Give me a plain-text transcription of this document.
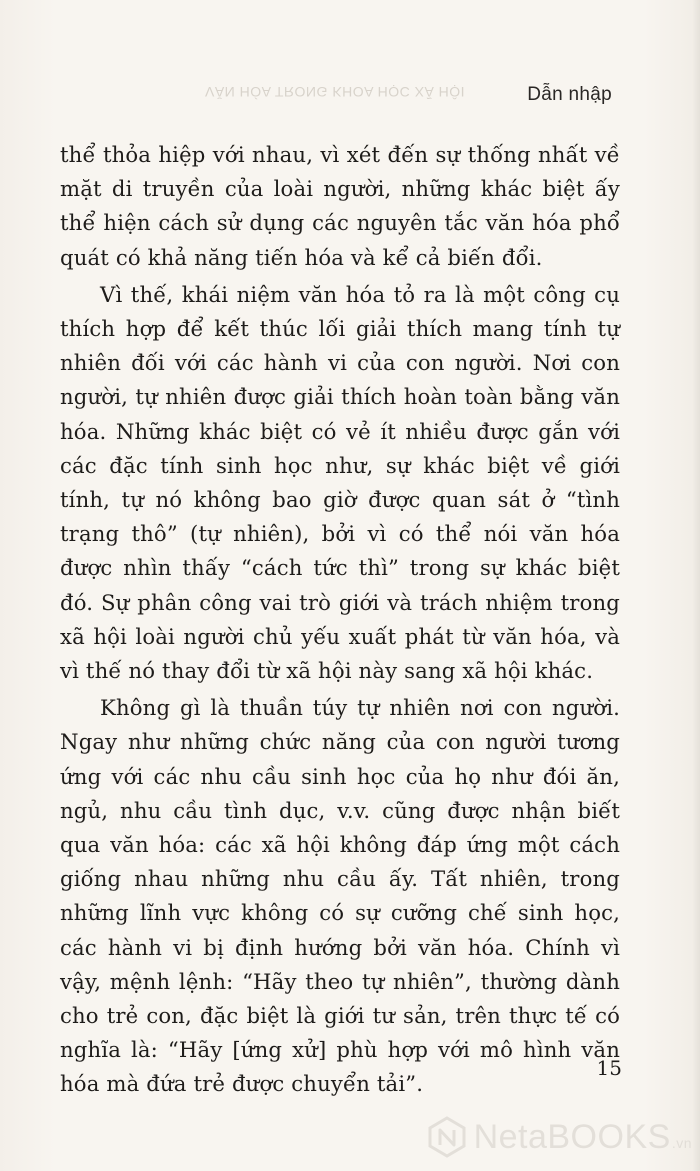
VĂN HÓA TRONG KHOA HỌC XÃ HỘI	Dẫn nhập

thể thỏa hiệp với nhau, vì xét đến sự thống nhất về mặt di truyền của loài người, những khác biệt ấy thể hiện cách sử dụng các nguyên tắc văn hóa phổ quát có khả năng tiến hóa và kể cả biến đổi.

Vì thế, khái niệm văn hóa tỏ ra là một công cụ thích hợp để kết thúc lối giải thích mang tính tự nhiên đối với các hành vi của con người. Nơi con người, tự nhiên được giải thích hoàn toàn bằng văn hóa. Những khác biệt có vẻ ít nhiều được gắn với các đặc tính sinh học như, sự khác biệt về giới tính, tự nó không bao giờ được quan sát ở “tình trạng thô” (tự nhiên), bởi vì có thể nói văn hóa được nhìn thấy “cách tức thì” trong sự khác biệt đó. Sự phân công vai trò giới và trách nhiệm trong xã hội loài người chủ yếu xuất phát từ văn hóa, và vì thế nó thay đổi từ xã hội này sang xã hội khác.

Không gì là thuần túy tự nhiên nơi con người. Ngay như những chức năng của con người tương ứng với các nhu cầu sinh học của họ như đói ăn, ngủ, nhu cầu tình dục, v.v. cũng được nhận biết qua văn hóa: các xã hội không đáp ứng một cách giống nhau những nhu cầu ấy. Tất nhiên, trong những lĩnh vực không có sự cưỡng chế sinh học, các hành vi bị định hướng bởi văn hóa. Chính vì vậy, mệnh lệnh: “Hãy theo tự nhiên”, thường dành cho trẻ con, đặc biệt là giới tư sản, trên thực tế có nghĩa là: “Hãy [ứng xử] phù hợp với mô hình văn hóa mà đứa trẻ được chuyển tải”.

15
NetaBOOKS.vn
